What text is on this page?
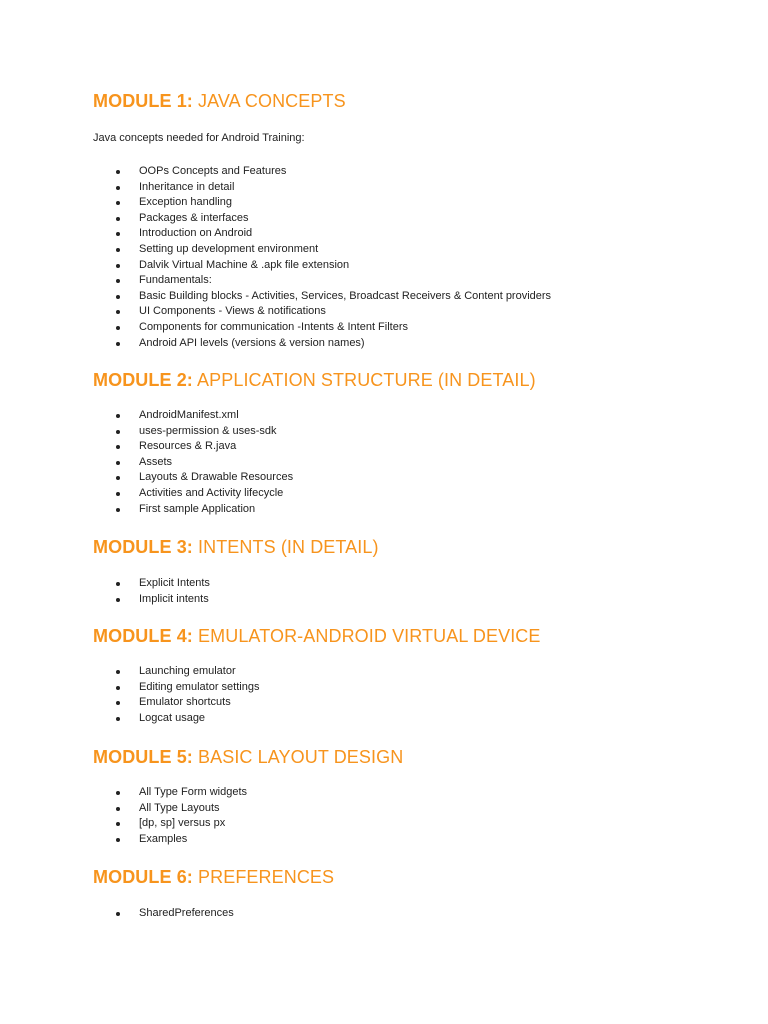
MODULE 1: JAVA CONCEPTS

Java concepts needed for Android Training:

OOPs Concepts and Features
Inheritance in detail
Exception handling
Packages & interfaces
Introduction on Android
Setting up development environment
Dalvik Virtual Machine & .apk file extension
Fundamentals:
Basic Building blocks - Activities, Services, Broadcast Receivers & Content providers
UI Components - Views & notifications
Components for communication -Intents & Intent Filters
Android API levels (versions & version names)
MODULE 2: APPLICATION STRUCTURE (IN DETAIL)
AndroidManifest.xml
uses-permission & uses-sdk
Resources & R.java
Assets
Layouts & Drawable Resources
Activities and Activity lifecycle
First sample Application
MODULE 3: INTENTS (IN DETAIL)
Explicit Intents
Implicit intents
MODULE 4: EMULATOR-ANDROID VIRTUAL DEVICE
Launching emulator
Editing emulator settings
Emulator shortcuts
Logcat usage
MODULE 5: BASIC LAYOUT DESIGN
All Type Form widgets
All Type Layouts
[dp, sp] versus px
Examples
MODULE 6: PREFERENCES
SharedPreferences
